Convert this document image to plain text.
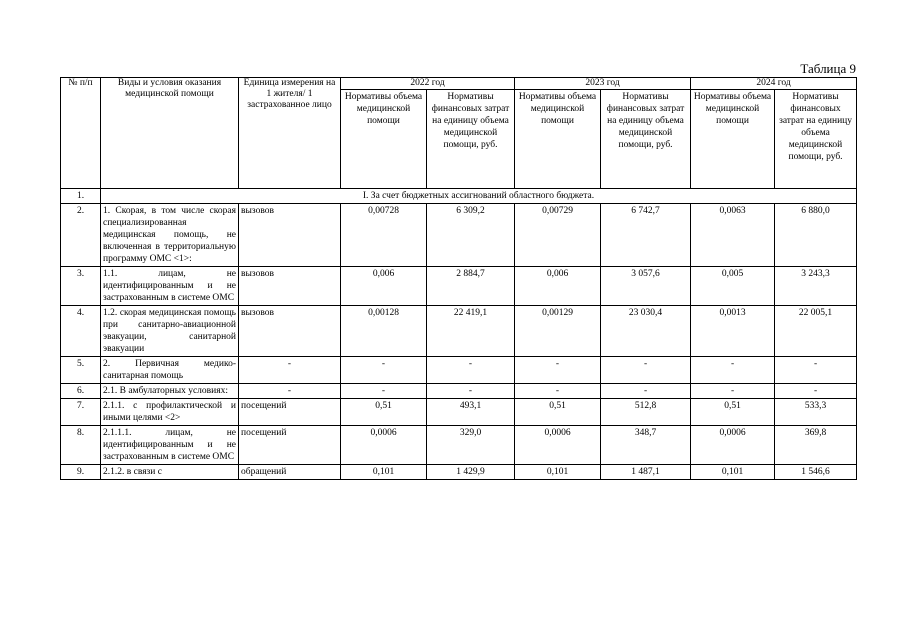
Таблица 9
№ п/п	Виды и условия оказания медицинской помощи	Единица измерения на 1 жителя/ 1 застрахованное лицо	2022 год		2023 год		2024 год	
			Нормативы объема медицинской помощи	Нормативы финансовых затрат на единицу объема медицинской помощи, руб.	Нормативы объема медицинской помощи	Нормативы финансовых затрат на единицу объема медицинской помощи, руб.	Нормативы объема медицинской помощи	Нормативы финансовых затрат на единицу объема медицинской помощи, руб.
1.	I. За счет бюджетных ассигнований областного бюджета.							
2.	1. Скорая, в том числе скорая специализированная медицинская помощь, не включенная в территориальную программу ОМС <1>:	вызовов	0,00728	6 309,2	0,00729	6 742,7	0,0063	6 880,0
3.	1.1. лицам, не идентифицированным и не застрахованным в системе ОМС	вызовов	0,006	2 884,7	0,006	3 057,6	0,005	3 243,3
4.	1.2. скорая медицинская помощь при санитарно-авиационной эвакуации, санитарной эвакуации	вызовов	0,00128	22 419,1	0,00129	23 030,4	0,0013	22 005,1
5.	2. Первичная медико-санитарная помощь	-	-	-	-	-	-	-
6.	2.1. В амбулаторных условиях:	-	-	-	-	-	-	-
7.	2.1.1. с профилактической и иными целями <2>	посещений	0,51	493,1	0,51	512,8	0,51	533,3
8.	2.1.1.1. лицам, не идентифицированным и не застрахованным в системе ОМС	посещений	0,0006	329,0	0,0006	348,7	0,0006	369,8
9.	2.1.2. в связи с	обращений	0,101	1 429,9	0,101	1 487,1	0,101	1 546,6
